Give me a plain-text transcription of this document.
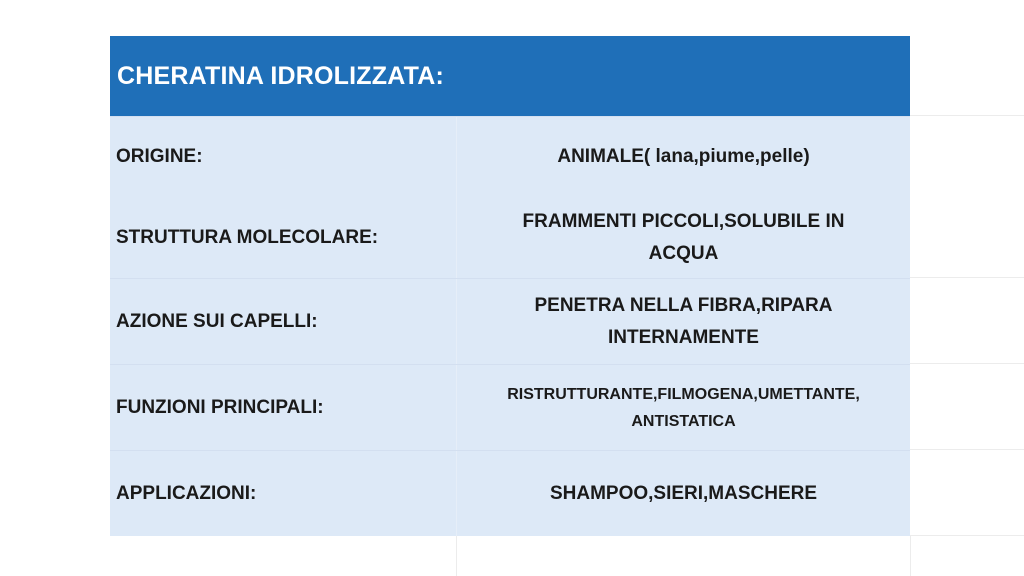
CHERATINA IDROLIZZATA:
ORIGINE:	ANIMALE( lana,piume,pelle)
STRUTTURA MOLECOLARE:
FRAMMENTI PICCOLI,SOLUBILE IN ACQUA
AZIONE SUI CAPELLI:
PENETRA NELLA FIBRA,RIPARA INTERNAMENTE
FUNZIONI PRINCIPALI:
RISTRUTTURANTE,FILMOGENA,UMETTANTE, ANTISTATICA
APPLICAZIONI:	SHAMPOO,SIERI,MASCHERE
